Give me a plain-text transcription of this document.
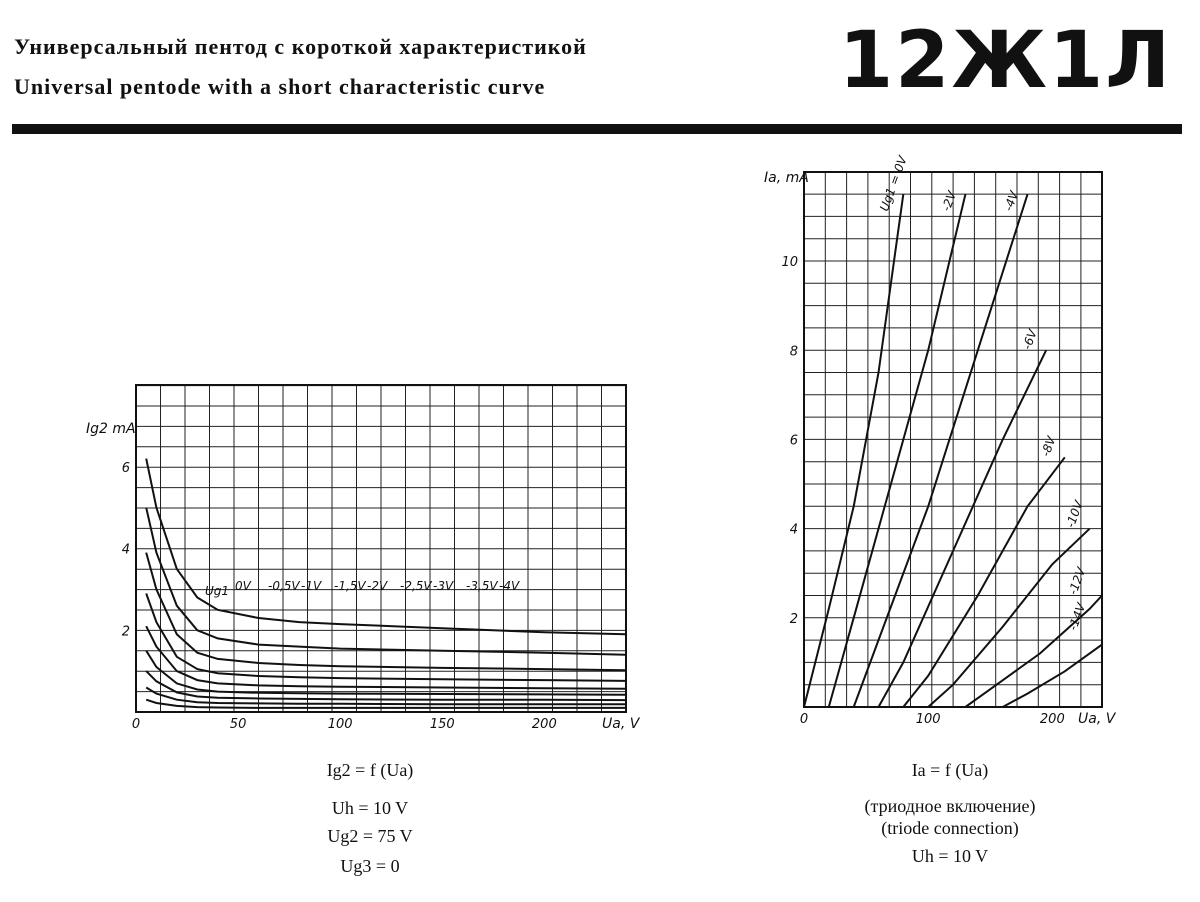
Универсальный пентод с короткой характеристикой
Universal pentode with a short characteristic curve	12Ж1Л
0	50	100	150	200
2
4
6
Ua, V
Ig2 mA
Ug1 0V -0,5V -1V -1,5V -2V -2,5V -3V -3,5V -4V
0	100	200
2
4
6
8
10
Ua, V
Ia, mA	Ug1 = 0V -2V	-4V
-6V
-8V
-10V
-12V
-14V
Ig2 = f (Ua)
Uh = 10 V
Ug2 = 75 V
Ug3 = 0
Ia = f (Ua)
(триодное включение)
(triode connection)
Uh = 10 V
